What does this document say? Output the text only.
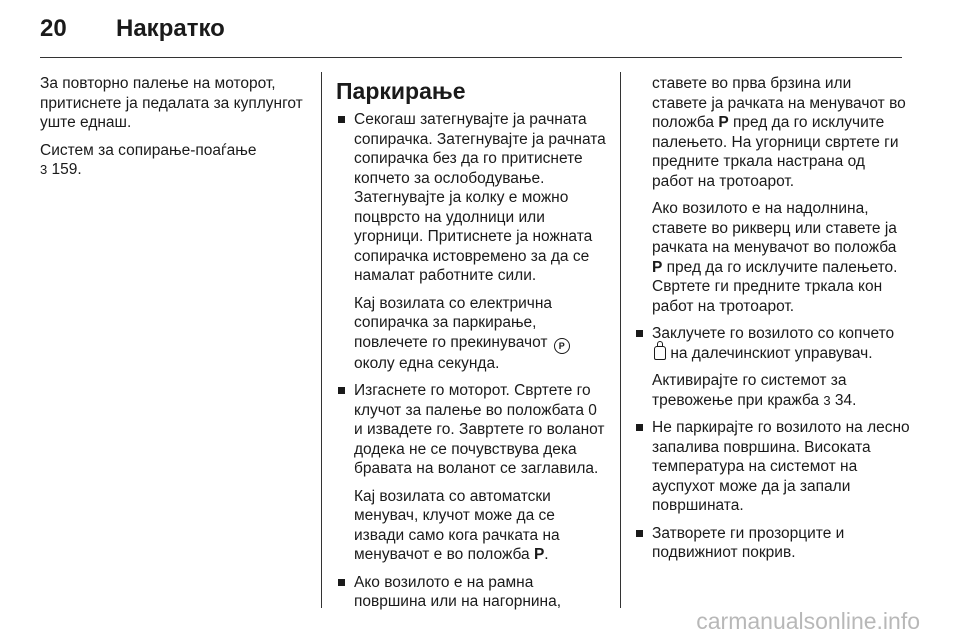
20 Накратко

За повторно палење на моторот, притиснете ја педалата за куплунгот уште еднаш.

Систем за сопирање-поаѓање
3 159.

Паркирање
Секогаш затегнувајте ја рачната сопирачка. Затегнувајте ја рачната сопирачка без да го притиснете копчето за ослободување. Затегнувајте ја колку е можно поцврсто на удолници или угорници. Притиснете ја ножната сопирачка истовремено за да се намалат работните сили.
Кај возилата со електрична сопирачка за паркирање, повлечете го прекинувачот P околу една секунда.
Изгаснете го моторот. Свртете го клучот за палење во положбата 0 и извадете го. Завртете го воланот додека не се почувствува дека бравата на воланот се заглавила.
Кај возилата со автоматски менувач, клучот може да се извади само кога рачката на менувачот е во положба P.
Ако возилото е на рамна површина или на нагорнина,
ставете во прва брзина или ставете ја рачката на менувачот во положба P пред да го исклучите палењето. На угорници свртете ги предните тркала настрана од работ на тротоарот.
Ако возилото е на надолнина, ставете во рикверц или ставете ја рачката на менувачот во положба P пред да го исклучите палењето. Свртете ги предните тркала кон работ на тротоарот.
Заклучете го возилото со копчето  на далечинскиот управувач.
Активирајте го системот за тревожење при кражба 3 34.
Не паркирајте го возилото на лесно запалива површина. Високата температура на системот на ауспухот може да ја запали површината.
Затворете ги прозорците и подвижниот покрив.
carmanualsonline.info
